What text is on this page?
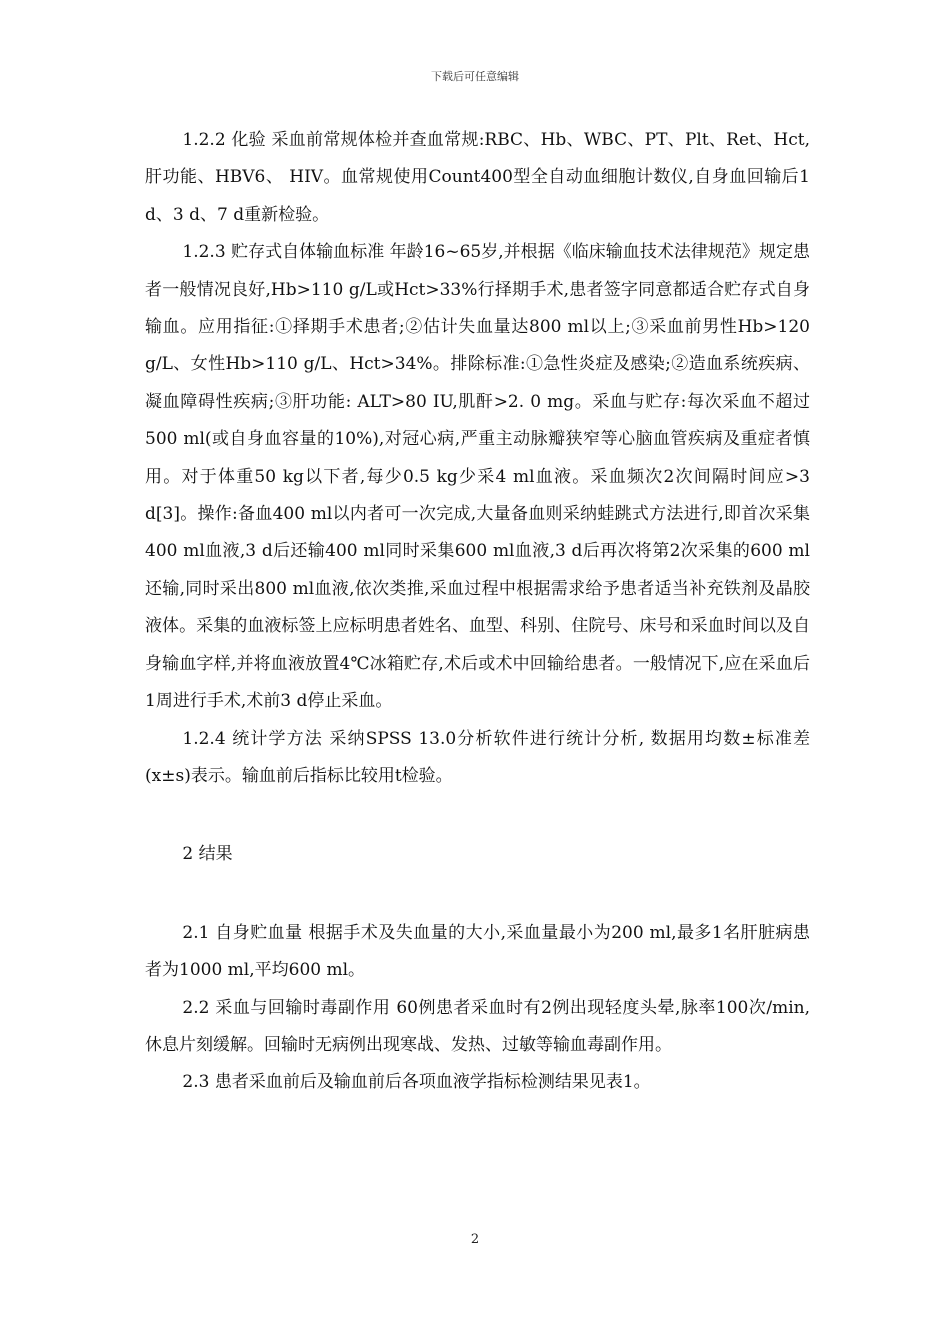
下载后可任意编辑

1.2.2 化验 采血前常规体检并查血常规:RBC、Hb、WBC、PT、Plt、Ret、Hct,肝功能、HBV6、 HIV。血常规使用Count400型全自动血细胞计数仪,自身血回输后1 d、3 d、7 d重新检验。

1.2.3 贮存式自体输血标准 年龄16~65岁,并根据《临床输血技术法律规范》规定患者一般情况良好,Hb>110 g/L或Hct>33%行择期手术,患者签字同意都适合贮存式自身输血。应用指征:①择期手术患者;②估计失血量达800 ml以上;③采血前男性Hb>120 g/L、女性Hb>110 g/L、Hct>34%。排除标准:①急性炎症及感染;②造血系统疾病、凝血障碍性疾病;③肝功能: ALT>80 IU,肌酐>2. 0 mg。采血与贮存:每次采血不超过500 ml(或自身血容量的10%),对冠心病,严重主动脉瓣狭窄等心脑血管疾病及重症者慎用。对于体重50 kg以下者,每少0.5 kg少采4 ml血液。采血频次2次间隔时间应>3 d[3]。操作:备血400 ml以内者可一次完成,大量备血则采纳蛙跳式方法进行,即首次采集400 ml血液,3 d后还输400 ml同时采集600 ml血液,3 d后再次将第2次采集的600 ml还输,同时采出800 ml血液,依次类推,采血过程中根据需求给予患者适当补充铁剂及晶胶液体。采集的血液标签上应标明患者姓名、血型、科别、住院号、床号和采血时间以及自身输血字样,并将血液放置4℃冰箱贮存,术后或术中回输给患者。一般情况下,应在采血后1周进行手术,术前3 d停止采血。

1.2.4 统计学方法 采纳SPSS 13.0分析软件进行统计分析, 数据用均数±标准差(x±s)表示。输血前后指标比较用t检验。

2 结果

2.1 自身贮血量 根据手术及失血量的大小,采血量最小为200 ml,最多1名肝脏病患者为1000 ml,平均600 ml。

2.2 采血与回输时毒副作用 60例患者采血时有2例出现轻度头晕,脉率100次/min,休息片刻缓解。回输时无病例出现寒战、发热、过敏等输血毒副作用。

2.3 患者采血前后及输血前后各项血液学指标检测结果见表1。

2
